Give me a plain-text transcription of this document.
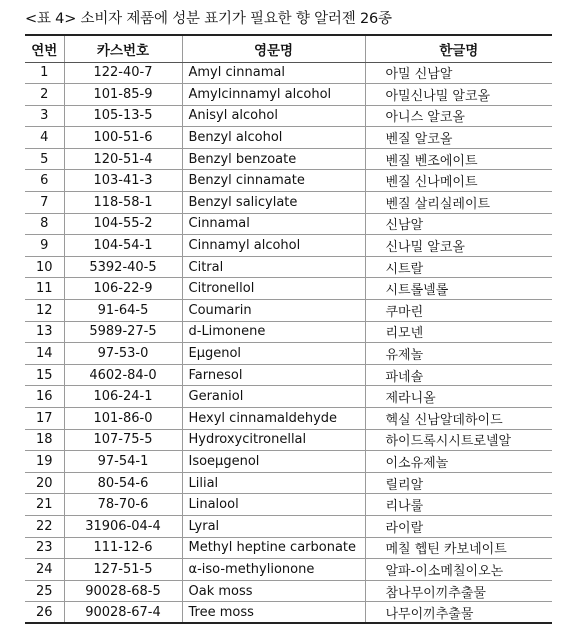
<표 4> 소비자 제품에 성분 표기가 필요한 향 알러젠 26종
연번	카스번호	영문명	한글명
1	122-40-7	Amyl cinnamal	아밀 신남알
2	101-85-9	Amylcinnamyl alcohol	아밀신나밀 알코올
3	105-13-5	Anisyl alcohol	아니스 알코올
4	100-51-6	Benzyl alcohol	벤질 알코올
5	120-51-4	Benzyl benzoate	벤질 벤조에이트
6	103-41-3	Benzyl cinnamate	벤질 신나메이트
7	118-58-1	Benzyl salicylate	벤질 살리실레이트
8	104-55-2	Cinnamal	신남알
9	104-54-1	Cinnamyl alcohol	신나밀 알코올
10	5392-40-5	Citral	시트랄
11	106-22-9	Citronellol	시트롤넬롤
12	91-64-5	Coumarin	쿠마린
13	5989-27-5	d-Limonene	리모넨
14	97-53-0	Eμgenol	유제놀
15	4602-84-0	Farnesol	파네솔
16	106-24-1	Geraniol	제라니올
17	101-86-0	Hexyl cinnamaldehyde	헥실 신남알데하이드
18	107-75-5	Hydroxycitronellal	하이드록시시트로넬알
19	97-54-1	Isoeμgenol	이소유제놀
20	80-54-6	Lilial	릴리알
21	78-70-6	Linalool	리나룰
22	31906-04-4	Lyral	라이랄
23	111-12-6	Methyl heptine carbonate	메칠 헵틴 카보네이트
24	127-51-5	α-iso-methylionone	알파-이소메칠이오논
25	90028-68-5	Oak moss	참나무이끼추출물
26	90028-67-4	Tree moss	나무이끼추출물
